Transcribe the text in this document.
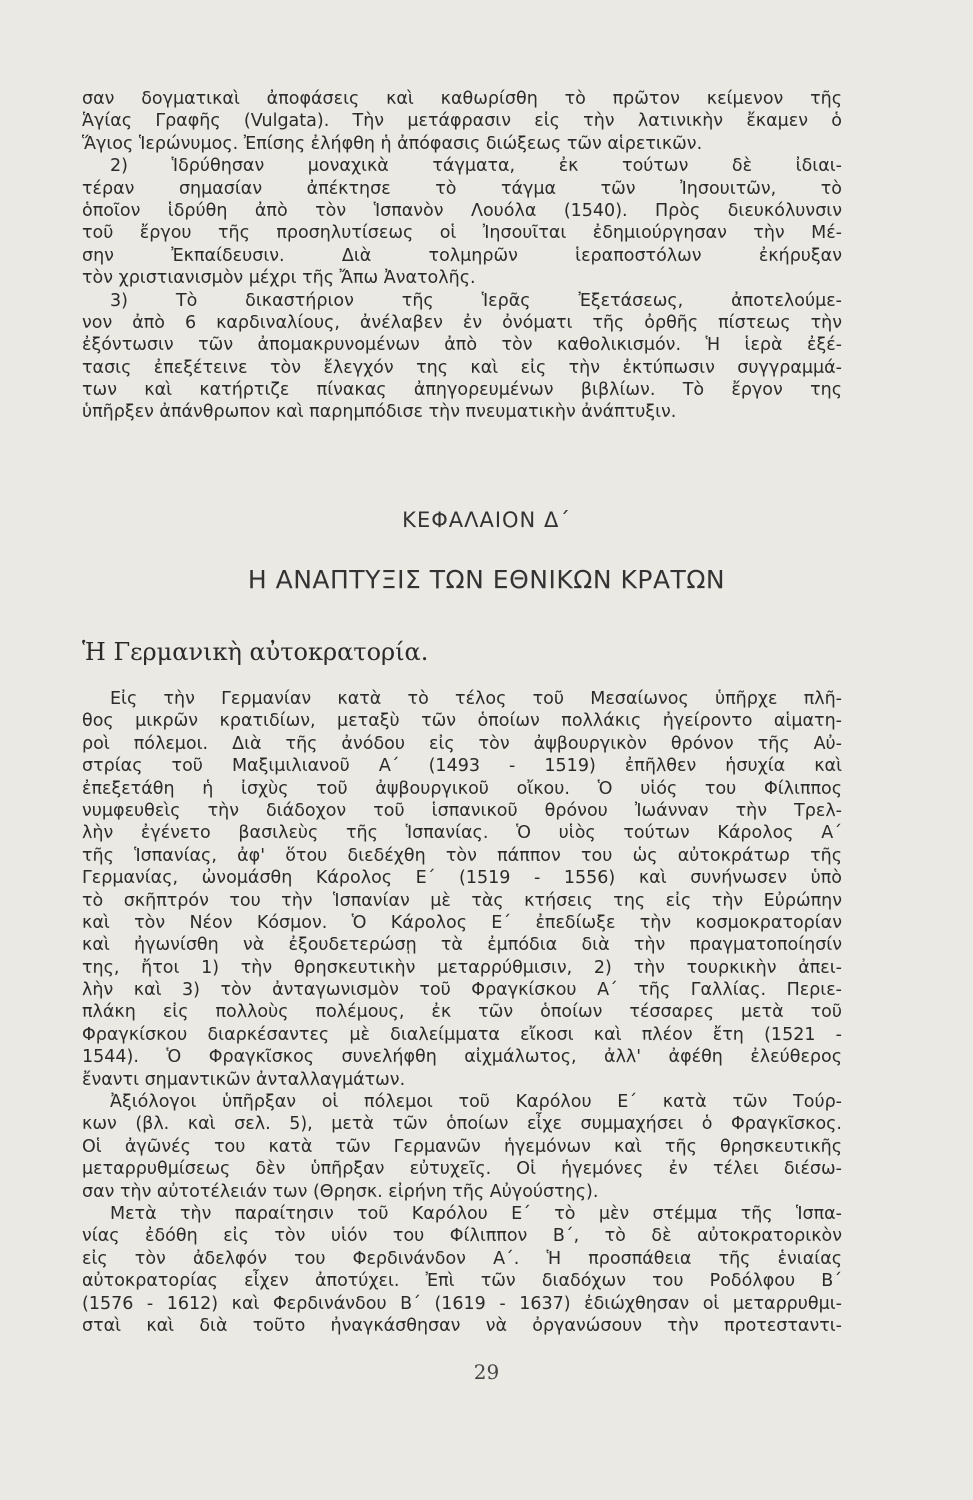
σαν δογματικαὶ ἀποφάσεις καὶ καθωρίσθη τὸ πρῶτον κείμενον τῆς
Ἁγίας Γραφῆς (Vulgata). Τὴν μετάφρασιν εἰς τὴν λατινικὴν ἔκαμεν ὁ
Ἅγιος Ἱερώνυμος. Ἐπίσης ἐλήφθη ἡ ἀπόφασις διώξεως τῶν αἱρετικῶν.
2) Ἱδρύθησαν μοναχικὰ τάγματα, ἐκ τούτων δὲ ἰδιαι-
τέραν σημασίαν ἀπέκτησε τὸ τάγμα τῶν Ἰησουιτῶν, τὸ
ὁποῖον ἱδρύθη ἀπὸ τὸν Ἱσπανὸν Λουόλα (1540). Πρὸς διευκόλυνσιν
τοῦ ἔργου τῆς προσηλυτίσεως οἱ Ἰησουῖται ἐδημιούργησαν τὴν Μέ-
σην Ἐκπαίδευσιν. Διὰ τολμηρῶν ἱεραποστόλων ἐκήρυξαν
τὸν χριστιανισμὸν μέχρι τῆς Ἄπω Ἀνατολῆς.
3) Τὸ δικαστήριον τῆς Ἱερᾶς Ἐξετάσεως, ἀποτελούμε-
νον ἀπὸ 6 καρδιναλίους, ἀνέλαβεν ἐν ὀνόματι τῆς ὀρθῆς πίστεως τὴν
ἐξόντωσιν τῶν ἀπομακρυνομένων ἀπὸ τὸν καθολικισμόν. Ἡ ἱερὰ ἐξέ-
τασις ἐπεξέτεινε τὸν ἔλεγχόν της καὶ εἰς τὴν ἐκτύπωσιν συγγραμμά-
των καὶ κατήρτιζε πίνακας ἀπηγορευμένων βιβλίων. Τὸ ἔργον της
ὑπῆρξεν ἀπάνθρωπον καὶ παρημπόδισε τὴν πνευματικὴν ἀνάπτυξιν.
ΚΕΦΑΛΑΙΟΝ Δ΄
Η ΑΝΑΠΤΥΞΙΣ ΤΩΝ ΕΘΝΙΚΩΝ ΚΡΑΤΩΝ
Ἡ Γερμανικὴ αὐτοκρατορία.
Εἰς τὴν Γερμανίαν κατὰ τὸ τέλος τοῦ Μεσαίωνος ὑπῆρχε πλῆ-
θος μικρῶν κρατιδίων, μεταξὺ τῶν ὁποίων πολλάκις ἠγείροντο αἱματη-
ροὶ πόλεμοι. Διὰ τῆς ἀνόδου εἰς τὸν ἀψβουργικὸν θρόνον τῆς Αὐ-
στρίας τοῦ Μαξιμιλιανοῦ Α΄ (1493 - 1519) ἐπῆλθεν ἡσυχία καὶ
ἐπεξετάθη ἡ ἰσχὺς τοῦ ἀψβουργικοῦ οἴκου. Ὁ υἱός του Φίλιππος
νυμφευθεὶς τὴν διάδοχον τοῦ ἱσπανικοῦ θρόνου Ἰωάνναν τὴν Τρελ-
λὴν ἐγένετο βασιλεὺς τῆς Ἱσπανίας. Ὁ υἱὸς τούτων Κάρολος Α΄
τῆς Ἱσπανίας, ἀφ' ὅτου διεδέχθη τὸν πάππον του ὡς αὐτοκράτωρ τῆς
Γερμανίας, ὠνομάσθη Κάρολος Ε΄ (1519 - 1556) καὶ συνήνωσεν ὑπὸ
τὸ σκῆπτρόν του τὴν Ἱσπανίαν μὲ τὰς κτήσεις της εἰς τὴν Εὐρώπην
καὶ τὸν Νέον Κόσμον. Ὁ Κάρολος Ε΄ ἐπεδίωξε τὴν κοσμοκρατορίαν
καὶ ἠγωνίσθη νὰ ἐξουδετερώσῃ τὰ ἐμπόδια διὰ τὴν πραγματοποίησίν
της, ἤτοι 1) τὴν θρησκευτικὴν μεταρρύθμισιν, 2) τὴν τουρκικὴν ἀπει-
λὴν καὶ 3) τὸν ἀνταγωνισμὸν τοῦ Φραγκίσκου Α΄ τῆς Γαλλίας. Περιε-
πλάκη εἰς πολλοὺς πολέμους, ἐκ τῶν ὁποίων τέσσαρες μετὰ τοῦ
Φραγκίσκου διαρκέσαντες μὲ διαλείμματα εἴκοσι καὶ πλέον ἔτη (1521 -
1544). Ὁ Φραγκῖσκος συνελήφθη αἰχμάλωτος, ἀλλ' ἀφέθη ἐλεύθερος
ἔναντι σημαντικῶν ἀνταλλαγμάτων.
Ἀξιόλογοι ὑπῆρξαν οἱ πόλεμοι τοῦ Καρόλου Ε΄ κατὰ τῶν Τούρ-
κων (βλ. καὶ σελ. 5), μετὰ τῶν ὁποίων εἶχε συμμαχήσει ὁ Φραγκῖσκος.
Οἱ ἀγῶνές του κατὰ τῶν Γερμανῶν ἡγεμόνων καὶ τῆς θρησκευτικῆς
μεταρρυθμίσεως δὲν ὑπῆρξαν εὐτυχεῖς. Οἱ ἡγεμόνες ἐν τέλει διέσω-
σαν τὴν αὐτοτέλειάν των (Θρησκ. εἰρήνη τῆς Αὐγούστης).
Μετὰ τὴν παραίτησιν τοῦ Καρόλου Ε΄ τὸ μὲν στέμμα τῆς Ἱσπα-
νίας ἐδόθη εἰς τὸν υἱόν του Φίλιππον Β΄, τὸ δὲ αὐτοκρατορικὸν
εἰς τὸν ἀδελφόν του Φερδινάνδον Α΄. Ἡ προσπάθεια τῆς ἑνιαίας
αὐτοκρατορίας εἶχεν ἀποτύχει. Ἐπὶ τῶν διαδόχων του Ροδόλφου Β΄
(1576 - 1612) καὶ Φερδινάνδου Β΄ (1619 - 1637) ἐδιώχθησαν οἱ μεταρρυθμι-
σταὶ καὶ διὰ τοῦτο ἠναγκάσθησαν νὰ ὀργανώσουν τὴν προτεσταντι-
29
